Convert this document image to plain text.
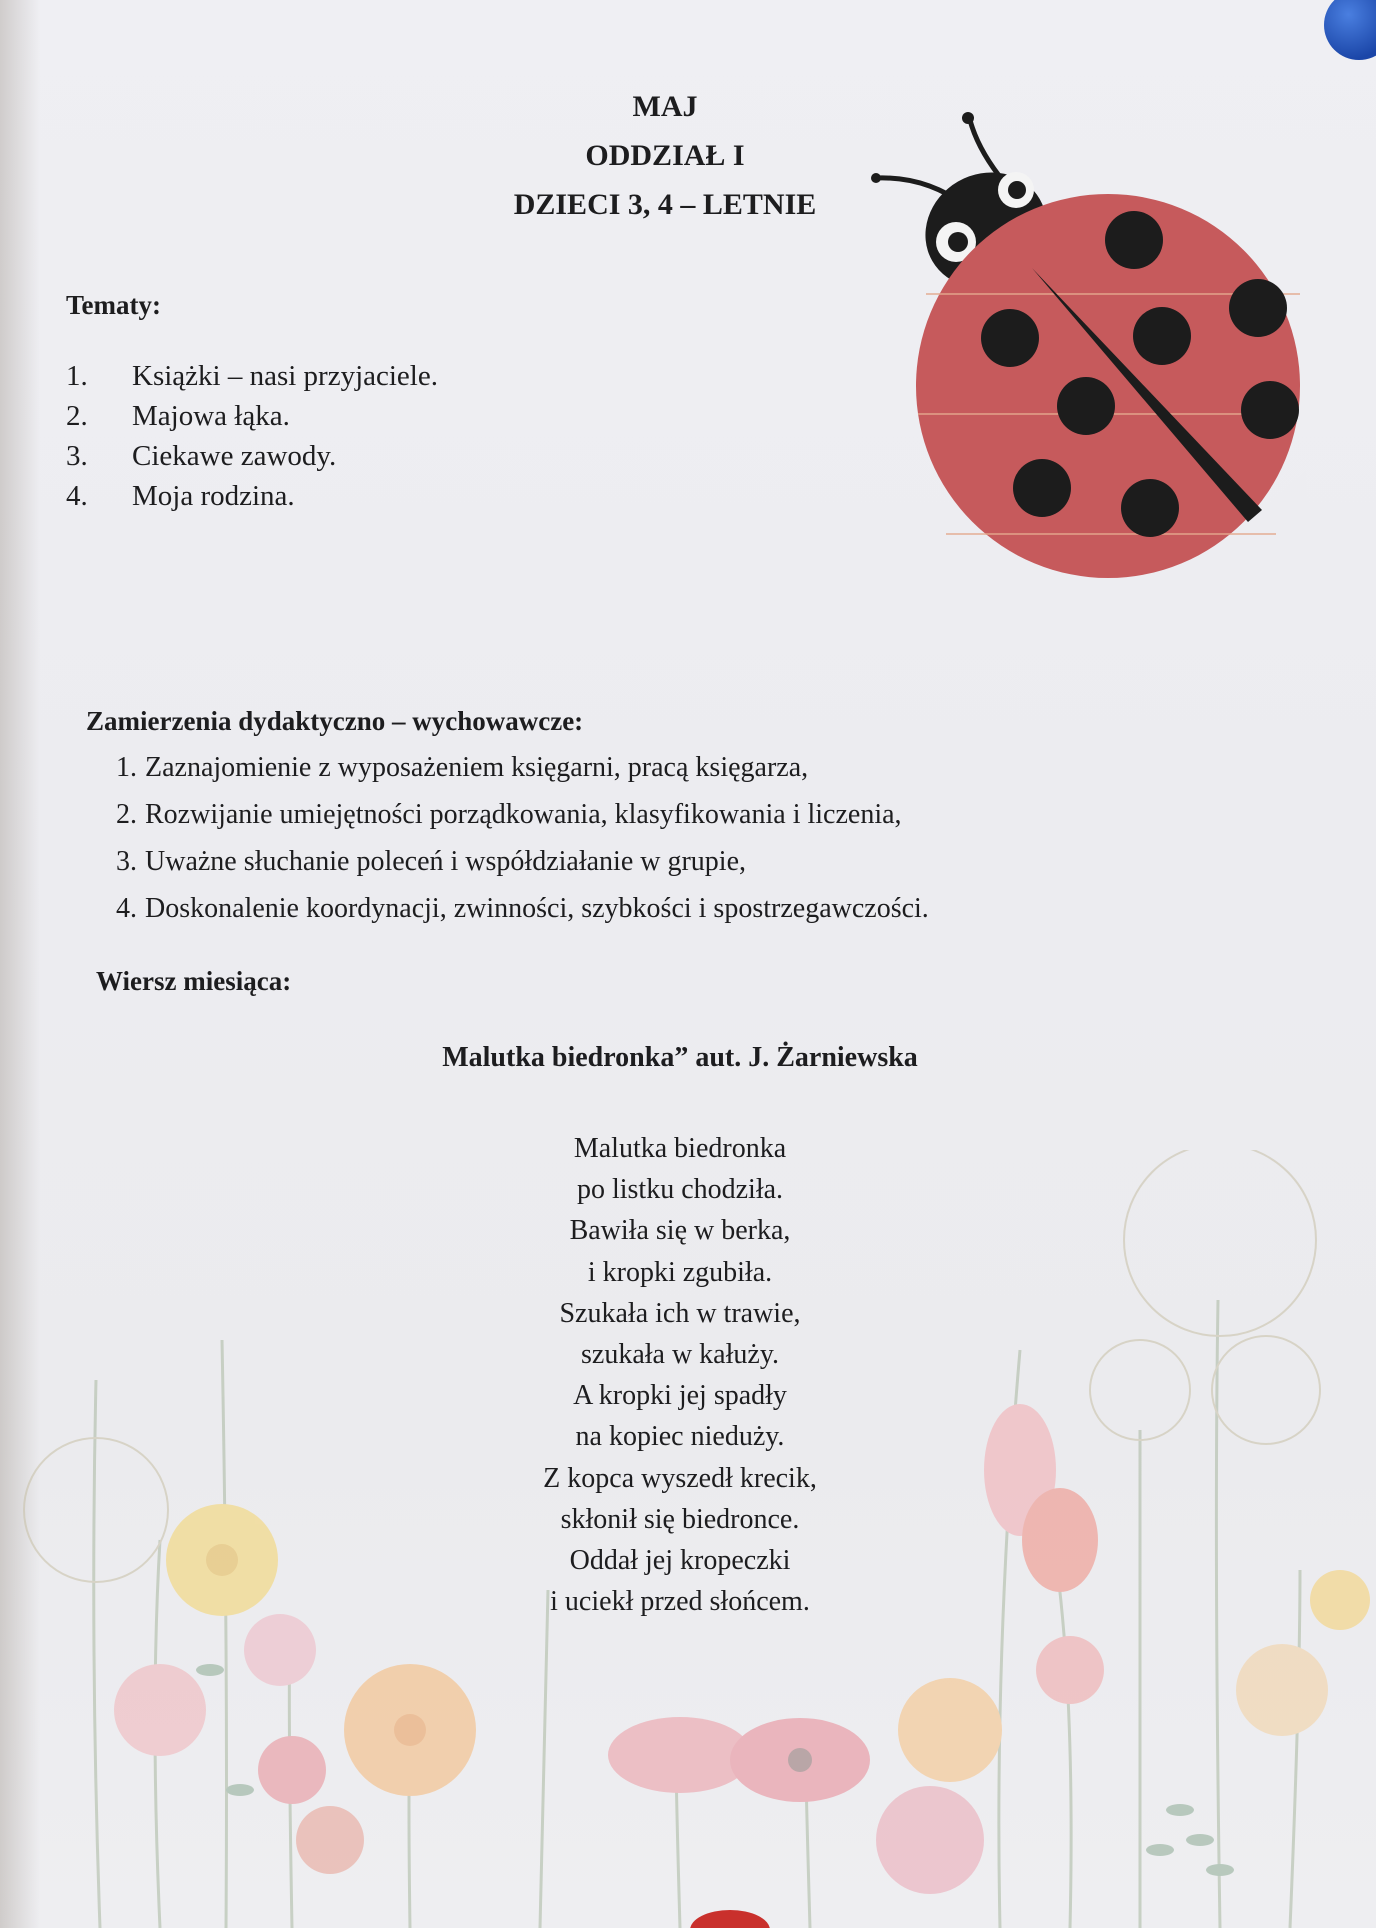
MAJ
ODDZIAŁ I
DZIECI 3, 4 – LETNIE
Tematy:
1.	Książki – nasi przyjaciele.
2.	Majowa łąka.
3.	Ciekawe zawody.
4.	Moja rodzina.
Zamierzenia dydaktyczno – wychowawcze:
1. Zaznajomienie z wyposażeniem księgarni, pracą księgarza,
2. Rozwijanie umiejętności porządkowania, klasyfikowania i liczenia,
3. Uważne słuchanie poleceń i współdziałanie w grupie,
4. Doskonalenie koordynacji, zwinności, szybkości i spostrzegawczości.
Wiersz miesiąca:
Malutka biedronka” aut. J. Żarniewska
Malutka biedronka
po listku chodziła.
Bawiła się w berka,
i kropki zgubiła.
Szukała ich w trawie,
szukała w kałuży.
A kropki jej spadły
na kopiec nieduży.
Z kopca wyszedł krecik,
skłonił się biedronce.
Oddał jej kropeczki
i uciekł przed słońcem.
